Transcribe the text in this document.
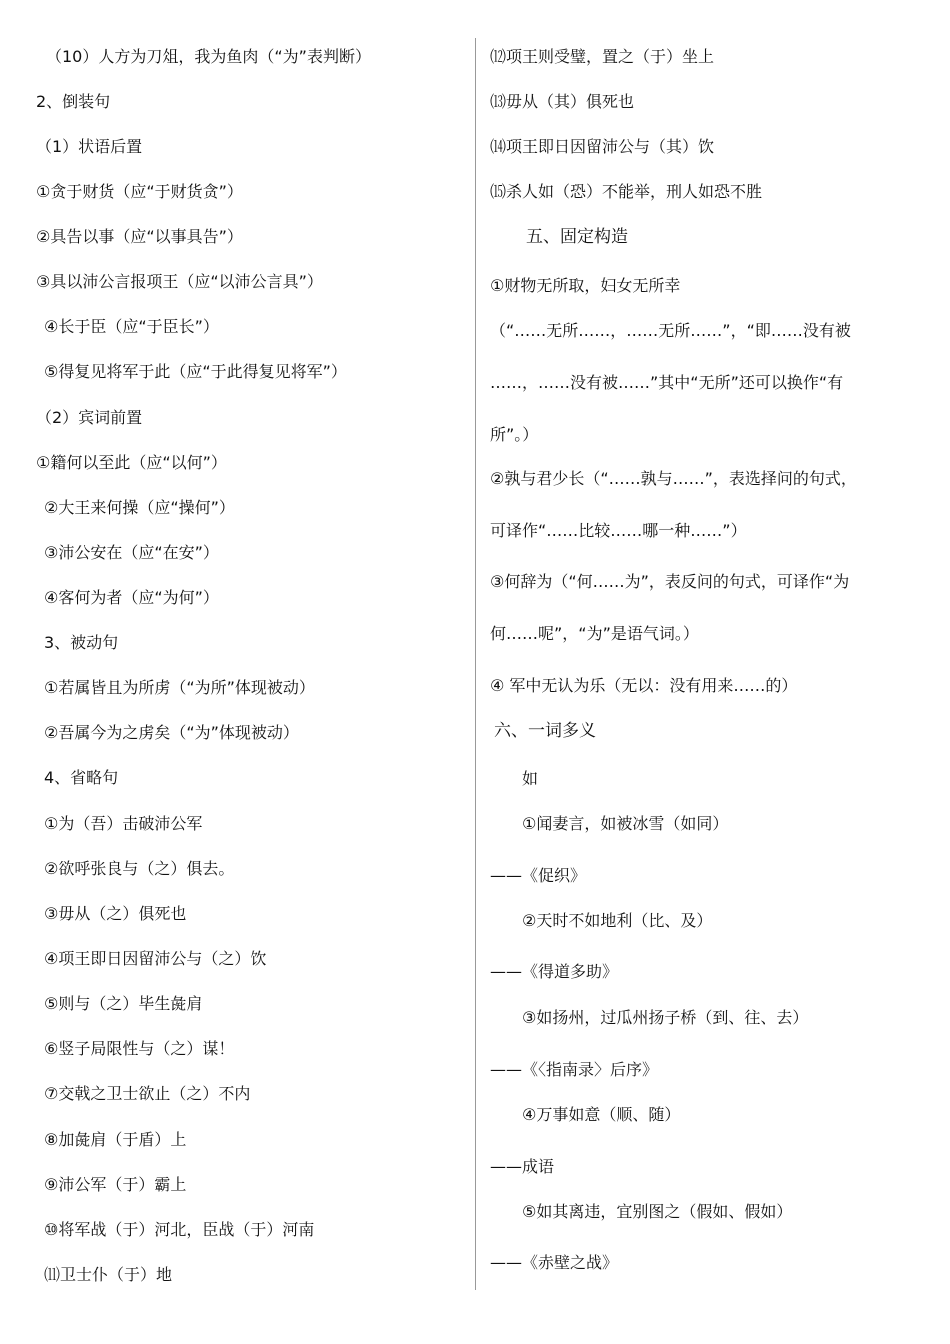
（10）人方为刀俎，我为鱼肉（“为”表判断）
2、倒装句
（1）状语后置
①贪于财货（应“于财货贪”）
②具告以事（应“以事具告”）
③具以沛公言报项王（应“以沛公言具”）
④长于臣（应“于臣长”）
⑤得复见将军于此（应“于此得复见将军”）
（2）宾词前置
①籍何以至此（应“以何”）
②大王来何操（应“操何”）
③沛公安在（应“在安”）
④客何为者（应“为何”）
3、被动句
①若属皆且为所虏（“为所”体现被动）
②吾属今为之虏矣（“为”体现被动）
4、省略句
①为（吾）击破沛公军
②欲呼张良与（之）俱去。
③毋从（之）俱死也
④项王即日因留沛公与（之）饮
⑤则与（之）毕生彘肩
⑥竖子局限性与（之）谋！
⑦交戟之卫士欲止（之）不内
⑧加彘肩（于盾）上
⑨沛公军（于）霸上
⑩将军战（于）河北，臣战（于）河南
⑾卫士仆（于）地
⑿项王则受璧，置之（于）坐上
⒀毋从（其）俱死也
⒁项王即日因留沛公与（其）饮
⒂杀人如（恐）不能举，刑人如恐不胜
五、固定构造
①财物无所取，妇女无所幸
（“……无所……，……无所……”，“即……没有被
……，……没有被……”其中“无所”还可以换作“有
所”。）
②孰与君少长（“……孰与……”，表选择问的句式，
可译作“……比较……哪一种……”）
③何辞为（“何……为”，表反问的句式，可译作“为
何……呢”，“为”是语气词。）
④ 军中无认为乐（无以：没有用来……的）
六、一词多义
如
①闻妻言，如被冰雪（如同）
——《促织》
②天时不如地利（比、及）
——《得道多助》
③如扬州，过瓜州扬子桥（到、往、去）
——《〈指南录〉后序》
④万事如意（顺、随）
——成语
⑤如其离违，宜别图之（假如、假如）
——《赤壁之战》
